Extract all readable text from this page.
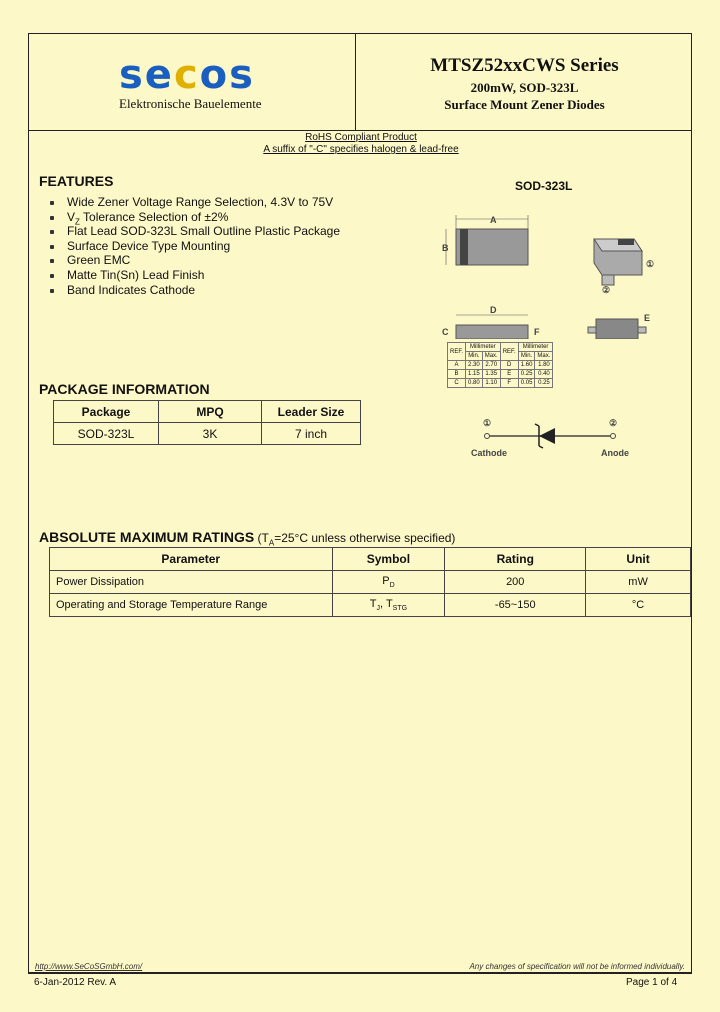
secos
Elektronische Bauelemente
MTSZ52xxCWS Series
200mW, SOD-323L
Surface Mount Zener Diodes
RoHS Compliant Product
A suffix of "-C" specifies halogen & lead-free
FEATURES
Wide Zener Voltage Range Selection, 4.3V to 75V
$V_Z$ Tolerance Selection of ±2%
Flat Lead SOD-323L Small Outline Plastic Package
Surface Device Type Mounting
Green EMC
Matte Tin(Sn) Lead Finish
Band Indicates Cathode
SOD-323L
A
B
①
②
D
C	F
E
REF.	Millimeter		REF.	Millimeter	
	Min.	Max.		Min.	Max.
A	2.30	2.70	D	1.60	1.80
B	1.15	1.35	E	0.25	0.40
C	0.80	1.10	F	0.05	0.25
PACKAGE INFORMATION
Package	MPQ	Leader Size
SOD-323L	3K	7 inch
①	②
Cathode	Anode
ABSOLUTE MAXIMUM RATINGS ($T_A=25^\circ C$ unless otherwise specified)
Parameter	Symbol	Rating	Unit
Power Dissipation	$P_D$	200	mW
Operating and Storage Temperature Range	$T_J$, $T_{STG}$	-65~150	°C
http://www.SeCoSGmbH.com/	Any changes of specification will not be informed individually.
6-Jan-2012 Rev. A	Page 1 of 4
